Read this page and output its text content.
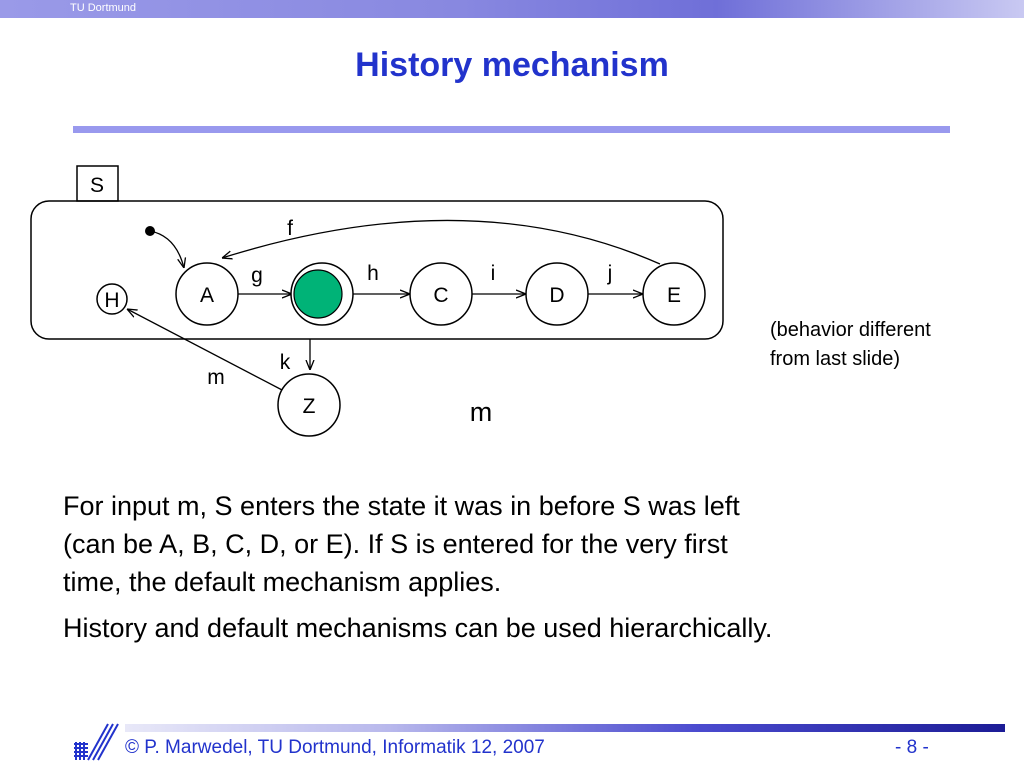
TU Dortmund
History mechanism
S
f
g	h	i	j
k
m
H	A	C	D	E
Z	m
(behavior different
from last slide)

For input m, S enters the state it was in before S was left
(can be A, B, C, D, or E). If S is entered for the very first
time, the default mechanism applies.

History and default mechanisms can be used hierarchically.

© P. Marwedel, TU Dortmund, Informatik 12, 2007	- 8 -
